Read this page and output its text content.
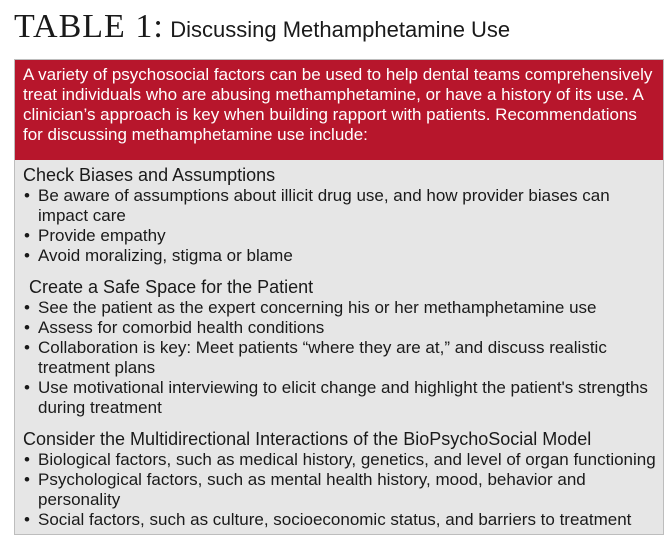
TABLE 1: Discussing Methamphetamine Use
A variety of psychosocial factors can be used to help dental teams comprehensively treat individuals who are abusing methamphetamine, or have a history of its use. A clinician’s approach is key when building rapport with patients. Recommendations for discussing methamphetamine use include:
Check Biases and Assumptions
• Be aware of assumptions about illicit drug use, and how provider biases can impact care
• Provide empathy
• Avoid moralizing, stigma or blame
Create a Safe Space for the Patient
• See the patient as the expert concerning his or her methamphetamine use
• Assess for comorbid health conditions
• Collaboration is key: Meet patients “where they are at,” and discuss realistic treatment plans
• Use motivational interviewing to elicit change and highlight the patient's strengths during treatment
Consider the Multidirectional Interactions of the BioPsychoSocial Model
• Biological factors, such as medical history, genetics, and level of organ functioning
• Psychological factors, such as mental health history, mood, behavior and personality
• Social factors, such as culture, socioeconomic status, and barriers to treatment
